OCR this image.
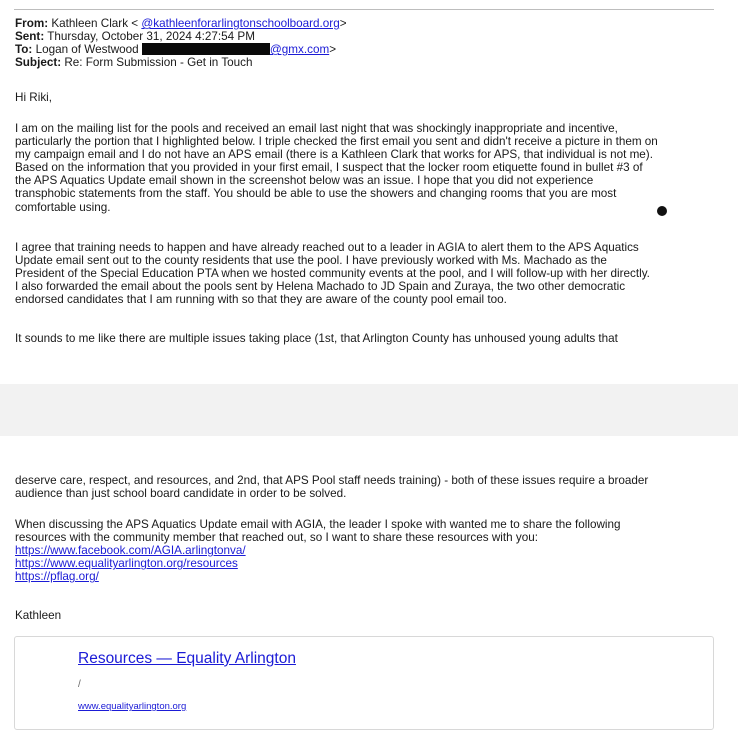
From: Kathleen Clark < @kathleenforarlingtonschoolboard.org>
Sent: Thursday, October 31, 2024 4:27:54 PM
To: Logan of Westwood	@gmx.com>
Subject: Re: Form Submission - Get in Touch

Hi Riki,

I am on the mailing list for the pools and received an email last night that was shockingly inappropriate and incentive,

particularly the portion that I highlighted below. I triple checked the first email you sent and didn't receive a picture in them on

my campaign email and I do not have an APS email (there is a Kathleen Clark that works for APS, that individual is not me).

Based on the information that you provided in your first email, I suspect that the locker room etiquette found in bullet #3 of

the APS Aquatics Update email shown in the screenshot below was an issue. I hope that you did not experience

transphobic statements from the staff. You should be able to use the showers and changing rooms that you are most

comfortable using.

I agree that training needs to happen and have already reached out to a leader in AGIA to alert them to the APS Aquatics

Update email sent out to the county residents that use the pool. I have previously worked with Ms. Machado as the

President of the Special Education PTA when we hosted community events at the pool, and I will follow-up with her directly.

I also forwarded the email about the pools sent by Helena Machado to JD Spain and Zuraya, the two other democratic

endorsed candidates that I am running with so that they are aware of the county pool email too.

It sounds to me like there are multiple issues taking place (1st, that Arlington County has unhoused young adults that

deserve care, respect, and resources, and 2nd, that APS Pool staff needs training) - both of these issues require a broader

audience than just school board candidate in order to be solved.

When discussing the APS Aquatics Update email with AGIA, the leader I spoke with wanted me to share the following

resources with the community member that reached out, so I want to share these resources with you:

https://www.facebook.com/AGIA.arlingtonva/

https://www.equalityarlington.org/resources

https://pflag.org/

Kathleen

Resources — Equality Arlington
/
www.equalityarlington.org
